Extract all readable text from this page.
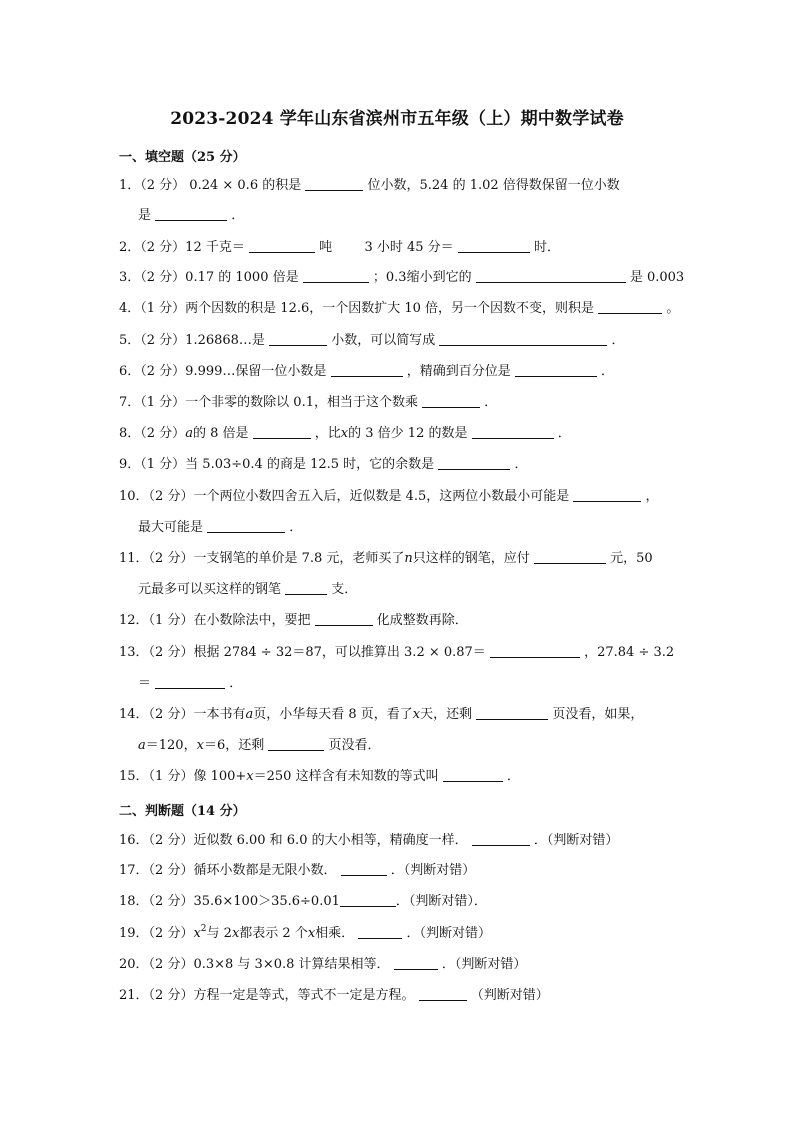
2023-2024 学年山东省滨州市五年级（上）期中数学试卷
一、填空题（25 分）
1．（2 分） 0.24 × 0.6 的积是	位小数，5.24 的 1.02 倍得数保留一位小数
是	．
2．（2 分）12 千克＝	吨 3 小时 45 分＝	时．
3．（2 分）0.17 的 1000 倍是	；0.3缩小到它的	是 0.003
4．（1 分）两个因数的积是 12.6，一个因数扩大 10 倍，另一个因数不变，则积是	。
5．（2 分）1.26868…是	小数，可以简写成	．
6．（2 分）9.999…保留一位小数是	，精确到百分位是	．
7．（1 分）一个非零的数除以 0.1，相当于这个数乘	．
8．（2 分）a的 8 倍是	，比x的 3 倍少 12 的数是	．
9．（1 分）当 5.03÷0.4 的商是 12.5 时，它的余数是	．
10．（2 分）一个两位小数四舍五入后，近似数是 4.5，这两位小数最小可能是	，
最大可能是	．
11．（2 分）一支钢笔的单价是 7.8 元，老师买了n只这样的钢笔，应付	元，50
元最多可以买这样的钢笔	支．
12．（1 分）在小数除法中，要把	化成整数再除．
13．（2 分）根据 2784 ÷ 32＝87，可以推算出 3.2 × 0.87＝	，27.84 ÷ 3.2
＝	．
14．（2 分）一本书有a页，小华每天看 8 页，看了x天，还剩	页没看，如果，
a＝120，x＝6，还剩	页没看．
15．（1 分）像 100+x＝250 这样含有未知数的等式叫	．
二、判断题（14 分）
16．（2 分）近似数 6.00 和 6.0 的大小相等，精确度一样．	．（判断对错）
17．（2 分）循环小数都是无限小数．	．（判断对错）
18．（2 分）35.6×100＞35.6÷0.01	．（判断对错）．
19．（2 分）$x^2$与 2x都表示 2 个x相乘．	．（判断对错）
20．（2 分）0.3×8 与 3×0.8 计算结果相等．	．（判断对错）
21．（2 分）方程一定是等式，等式不一定是方程。	（判断对错）
